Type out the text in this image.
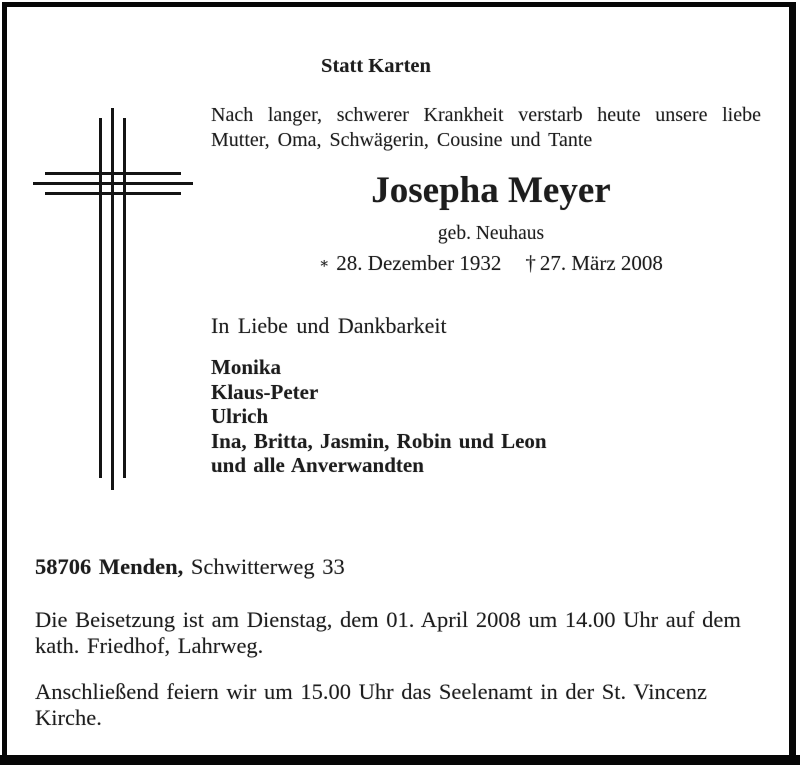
Statt Karten
Nach langer, schwerer Krankheit verstarb heute unsere liebe
Mutter, Oma, Schwägerin, Cousine und Tante
Josepha Meyer
geb. Neuhaus
∗ 28. Dezember 1932 † 27. März 2008
In Liebe und Dankbarkeit
Monika
Klaus-Peter
Ulrich
Ina, Britta, Jasmin, Robin und Leon
und alle Anverwandten
58706 Menden, Schwitterweg 33
Die Beisetzung ist am Dienstag, dem 01. April 2008 um 14.00 Uhr auf dem
kath. Friedhof, Lahrweg.
Anschließend feiern wir um 15.00 Uhr das Seelenamt in der St. Vincenz
Kirche.
